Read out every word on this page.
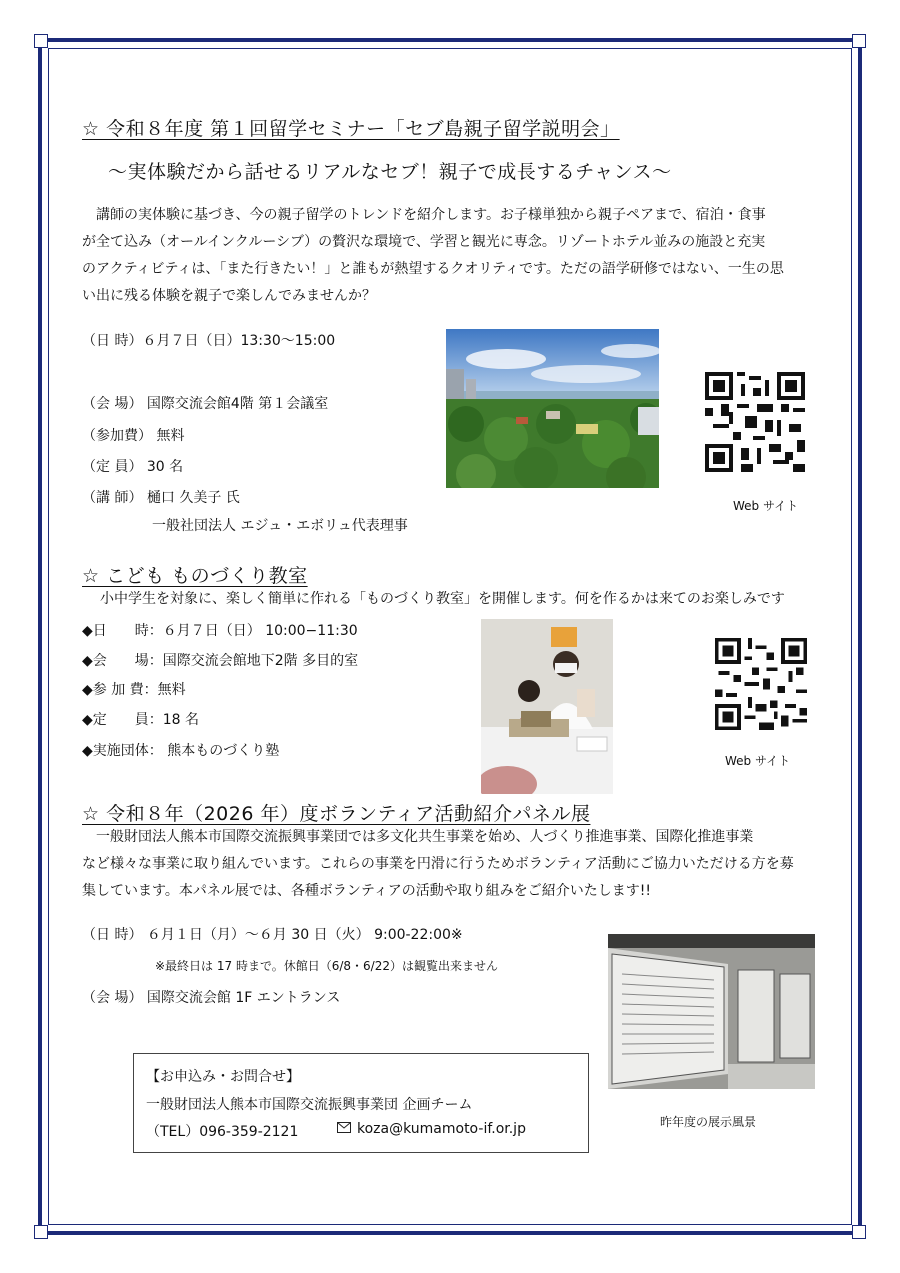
☆ 令和８年度 第１回留学セミナー「セブ島親子留学説明会」
～実体験だから話せるリアルなセブ！親子で成長するチャンス～
　講師の実体験に基づき、今の親子留学のトレンドを紹介します。お子様単独から親子ペアまで、宿泊・食事
が全て込み（オールインクルーシブ）の贅沢な環境で、学習と観光に専念。リゾートホテル並みの施設と充実
のアクティビティは、「また行きたい！」と誰もが熱望するクオリティです。ただの語学研修ではない、一生の思
い出に残る体験を親子で楽しんでみませんか？
（日 時）６月７日（日）13:30～15:00
（会 場） 国際交流会館4階 第１会議室
（参加費） 無料
（定 員） 30 名
（講 師） 樋口 久美子 氏
一般社団法人 エジュ・エボリュ代表理事
Web サイト
☆ こども ものづくり教室
小中学生を対象に、楽しく簡単に作れる「ものづくり教室」を開催します。何を作るかは来てのお楽しみです
◆日　　時：６月７日（日） 10:00−11:30
◆会　　場：国際交流会館地下2階 多目的室
◆参 加 費：無料
◆定　　員：18 名
◆実施団体： 熊本ものづくり塾
Web サイト
☆ 令和８年（2026 年）度ボランティア活動紹介パネル展
　一般財団法人熊本市国際交流振興事業団では多文化共生事業を始め、人づくり推進事業、国際化推進事業
など様々な事業に取り組んでいます。これらの事業を円滑に行うためボランティア活動にご協力いただける方を募
集しています。本パネル展では、各種ボランティアの活動や取り組みをご紹介いたします!!
（日 時） ６月１日（月）～６月 30 日（火） 9:00-22:00※
※最終日は 17 時まで。休館日（6/8・6/22）は観覧出来ません
（会 場） 国際交流会館 1F エントランス
昨年度の展示風景
【お申込み・お問合せ】
一般財団法人熊本市国際交流振興事業団 企画チーム
（TEL）096-359-2121	koza@kumamoto-if.or.jp
